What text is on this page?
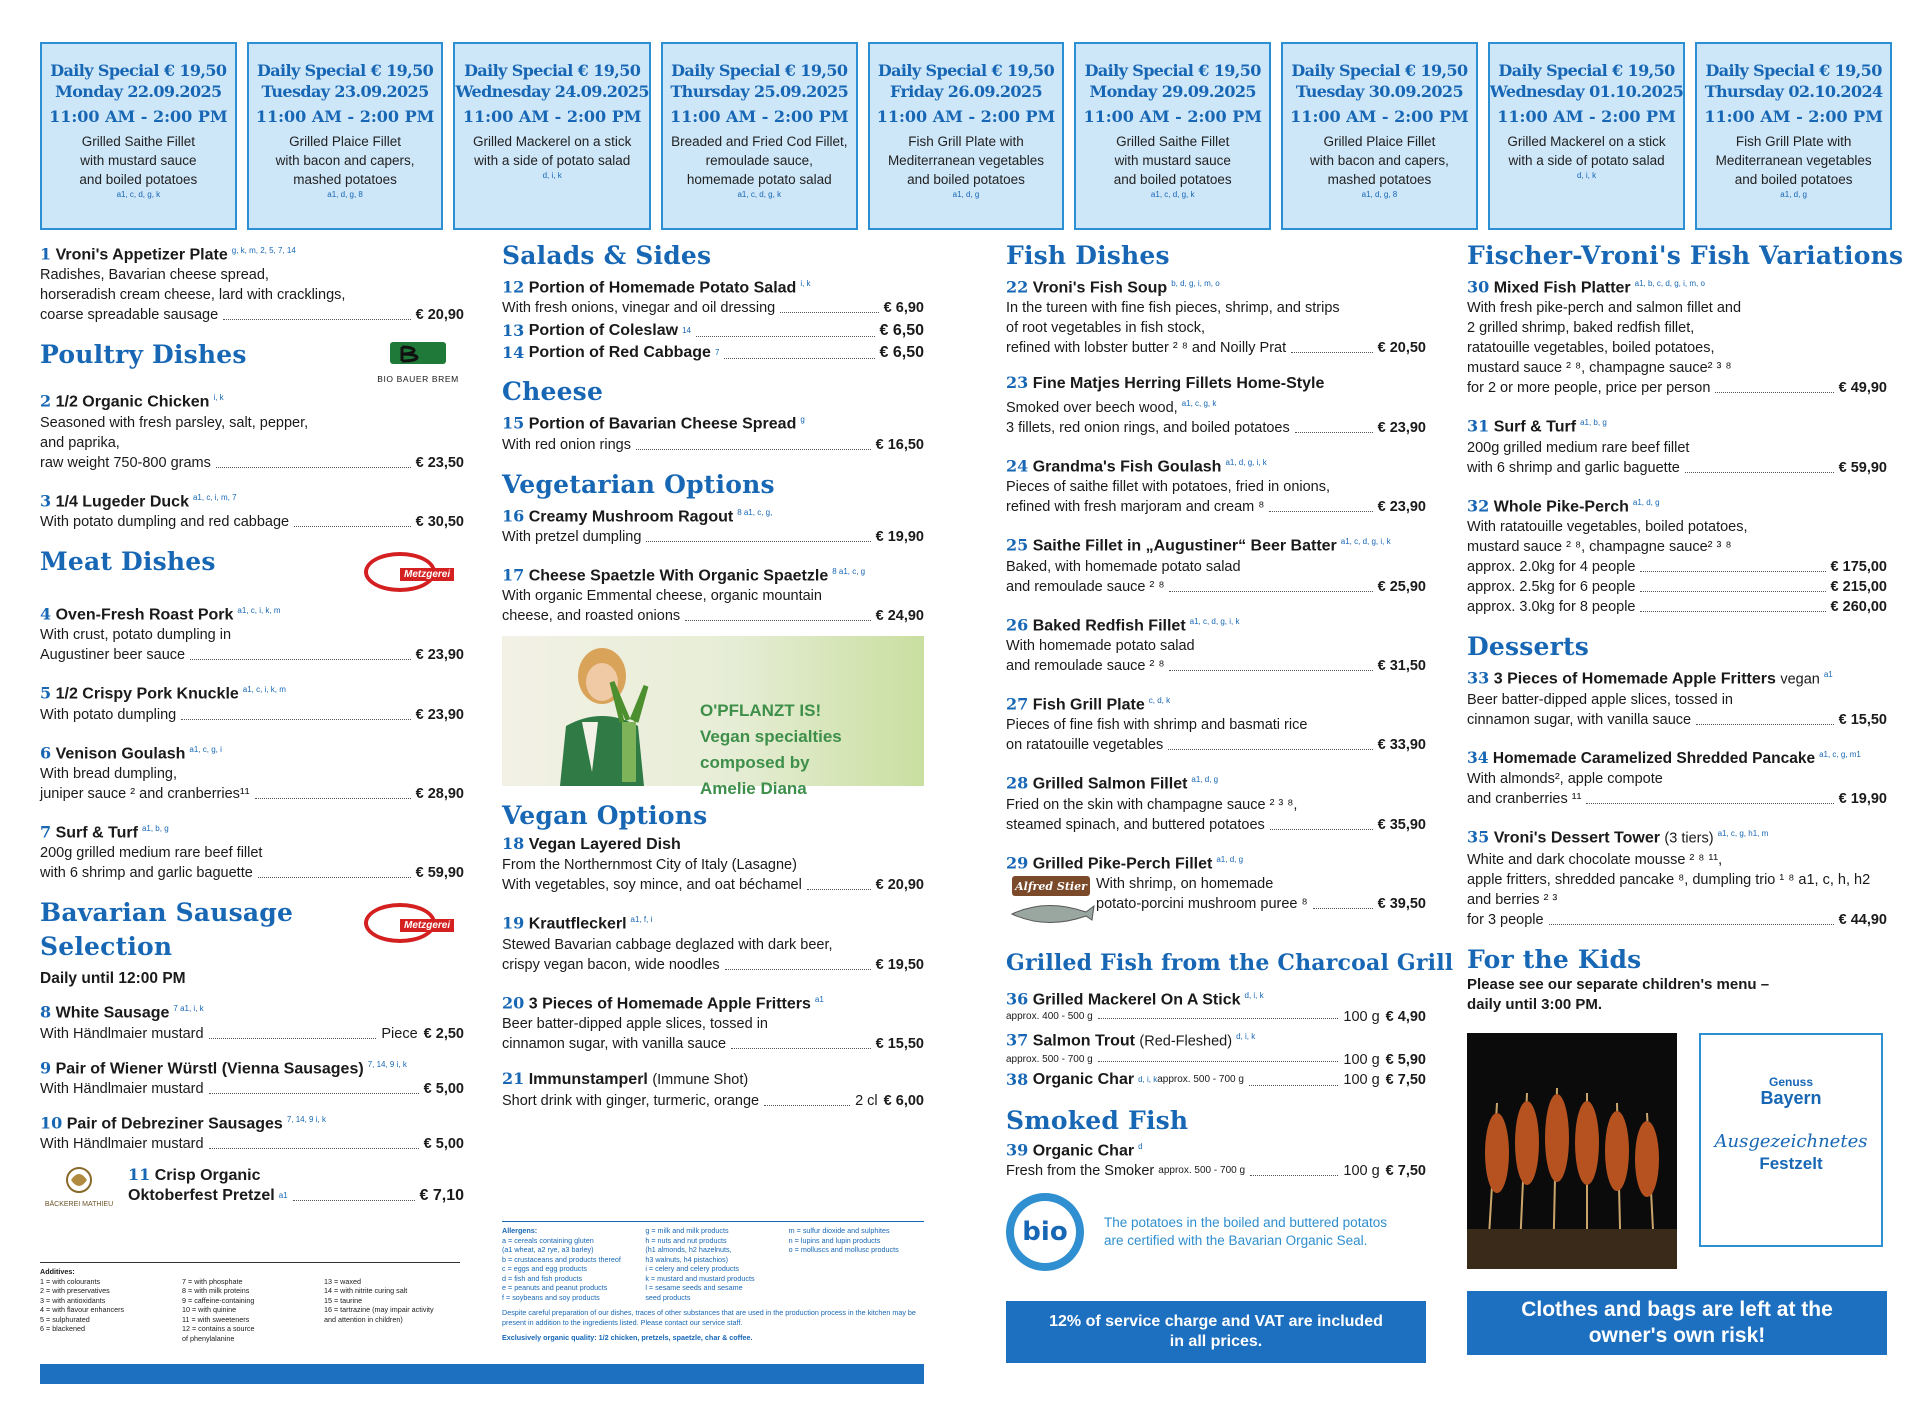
Daily Special € 19,50
Monday 22.09.2025
11:00 AM - 2:00 PM
Grilled Saithe Fillet
with mustard sauce
and boiled potatoes
a1, c, d, g, k
Daily Special € 19,50
Tuesday 23.09.2025
11:00 AM - 2:00 PM
Grilled Plaice Fillet
with bacon and capers,
mashed potatoes
a1, d, g, 8
Daily Special € 19,50
Wednesday 24.09.2025
11:00 AM - 2:00 PM
Grilled Mackerel on a stick
with a side of potato salad
d, i, k
Daily Special € 19,50
Thursday 25.09.2025
11:00 AM - 2:00 PM
Breaded and Fried Cod Fillet,
remoulade sauce,
homemade potato salad
a1, c, d, g, k
Daily Special € 19,50
Friday 26.09.2025
11:00 AM - 2:00 PM
Fish Grill Plate with
Mediterranean vegetables
and boiled potatoes
a1, d, g
Daily Special € 19,50
Monday 29.09.2025
11:00 AM - 2:00 PM
Grilled Saithe Fillet
with mustard sauce
and boiled potatoes
a1, c, d, g, k
Daily Special € 19,50
Tuesday 30.09.2025
11:00 AM - 2:00 PM
Grilled Plaice Fillet
with bacon and capers,
mashed potatoes
a1, d, g, 8
Daily Special € 19,50
Wednesday 01.10.2025
11:00 AM - 2:00 PM
Grilled Mackerel on a stick
with a side of potato salad
d, i, k
Daily Special € 19,50
Thursday 02.10.2024
11:00 AM - 2:00 PM
Fish Grill Plate with
Mediterranean vegetables
and boiled potatoes
a1, d, g
1 Vroni's Appetizer Plate $^{g, k, m, 2, 5, 7, 14}$
Radishes, Bavarian cheese spread,
horseradish cream cheese, lard with cracklings,
coarse spreadable sausage	€ 20,90
Poultry Dishes
BIO BAUER BREM
2 1/2 Organic Chicken $^{i, k}$
Seasoned with fresh parsley, salt, pepper,
and paprika,
raw weight 750-800 grams	€ 23,50
3 1/4 Lugeder Duck $^{a1, c, i, m, 7}$
With potato dumpling and red cabbage	€ 30,50
Meat Dishes	Metzgerei
4 Oven-Fresh Roast Pork $^{a1, c, i, k, m}$
With crust, potato dumpling in
Augustiner beer sauce	€ 23,90
5 1/2 Crispy Pork Knuckle $^{a1, c, i, k, m}$
With potato dumpling	€ 23,90
6 Venison Goulash $^{a1, c, g, i}$
With bread dumpling,
juniper sauce ² and cranberries¹¹	€ 28,90
7 Surf & Turf $^{a1, b, g}$
200g grilled medium rare beef fillet
with 6 shrimp and garlic baguette	€ 59,90
Bavarian Sausage
Selection
Metzgerei
Daily until 12:00 PM
8 White Sausage $^{7 a1, i, k}$
With Händlmaier mustard	Piece € 2,50
9 Pair of Wiener Würstl (Vienna Sausages) $^{7, 14, 9 i, k}$
With Händlmaier mustard	€ 5,00
10 Pair of Debreziner Sausages $^{7, 14, 9 i, k}$
With Händlmaier mustard	€ 5,00
BÄCKEREI MATHIEU
11 Crisp Organic
Oktoberfest Pretzel a1	€ 7,10
Salads & Sides
12 Portion of Homemade Potato Salad $^{i, k}$
With fresh onions, vinegar and oil dressing	€ 6,90
13
Portion of Coleslaw 14	€ 6,50
14
Portion of Red Cabbage 7	€ 6,50
Cheese
15 Portion of Bavarian Cheese Spread $^g$
With red onion rings	€ 16,50
Vegetarian Options
16 Creamy Mushroom Ragout $^{8 a1, c, g,}$
With pretzel dumpling	€ 19,90
17 Cheese Spaetzle With Organic Spaetzle $^{8 a1, c, g}$
With organic Emmental cheese, organic mountain
cheese, and roasted onions	€ 24,90
O'PFLANZT IS!
Vegan specialties
composed by
Amelie Diana
Vegan Options
18 Vegan Layered Dish
From the Northernmost City of Italy (Lasagne)
With vegetables, soy mince, and oat béchamel	€ 20,90
19 Krautfleckerl $^{a1, f, i}$
Stewed Bavarian cabbage deglazed with dark beer,
crispy vegan bacon, wide noodles	€ 19,50
20 3 Pieces of Homemade Apple Fritters $^{a1}$
Beer batter-dipped apple slices, tossed in
cinnamon sugar, with vanilla sauce	€ 15,50
21 Immunstamperl (Immune Shot)
Short drink with ginger, turmeric, orange	2 cl € 6,00
Allergens:
a = cereals containing gluten
(a1 wheat, a2 rye, a3 barley)
b = crustaceans and products thereof
c = eggs and egg products
d = fish and fish products
e = peanuts and peanut products
f = soybeans and soy products
g = milk and milk products
h = nuts and nut products
(h1 almonds, h2 hazelnuts,
h3 walnuts, h4 pistachios)
i = celery and celery products
k = mustard and mustard products
l = sesame seeds and sesame
seed products
m = sulfur dioxide and sulphites
n = lupins and lupin products
o = molluscs and mollusc products
Despite careful preparation of our dishes, traces of other substances that are used in the production process in the kitchen may be present in addition to the ingredients listed. Please contact our service staff.
Exclusively organic quality: 1/2 chicken, pretzels, spaetzle, char & coffee.
Additives:
1 = with colourants
2 = with preservatives
3 = with antioxidants
4 = with flavour enhancers
5 = sulphurated
6 = blackened

7 = with phosphate
8 = with milk proteins
9 = caffeine-containing
10 = with quinine
11 = with sweeteners
12 = contains a source
of phenylalanine

13 = waxed
14 = with nitrite curing salt
15 = taurine
16 = tartrazine (may impair activity
and attention in children)
Fish Dishes
22 Vroni's Fish Soup $^{b, d, g, i, m, o}$
In the tureen with fine fish pieces, shrimp, and strips
of root vegetables in fish stock,
refined with lobster butter ² ⁸ and Noilly Prat	€ 20,50
23 Fine Matjes Herring Fillets Home-Style
Smoked over beech wood, $^{a1, c, g, k}$
3 fillets, red onion rings, and boiled potatoes	€ 23,90
24 Grandma's Fish Goulash $^{a1, d, g, i, k}$
Pieces of saithe fillet with potatoes, fried in onions,
refined with fresh marjoram and cream ⁸	€ 23,90
25 Saithe Fillet in „Augustiner“ Beer Batter $^{a1, c, d, g, i, k}$
Baked, with homemade potato salad
and remoulade sauce ² ⁸	€ 25,90
26 Baked Redfish Fillet $^{a1, c, d, g, i, k}$
With homemade potato salad
and remoulade sauce ² ⁸	€ 31,50
27 Fish Grill Plate $^{c, d, k}$
Pieces of fine fish with shrimp and basmati rice
on ratatouille vegetables	€ 33,90
28 Grilled Salmon Fillet $^{a1, d, g}$
Fried on the skin with champagne sauce ² ³ ⁸,
steamed spinach, and buttered potatoes	€ 35,90
29 Grilled Pike-Perch Fillet $^{a1, d, g}$
Alfred Stier With shrimp, on homemade
potato-porcini mushroom puree ⁸	€ 39,50
Grilled Fish from the Charcoal Grill
36 Grilled Mackerel On A Stick $^{d, i, k}$
approx. 400 - 500 g	100 g € 4,90
37 Salmon Trout (Red-Fleshed) $^{d, i, k}$
approx. 500 - 700 g	100 g € 5,90
38
Organic Char d, i, k approx. 500 - 700 g	100 g € 7,50
Smoked Fish
39 Organic Char $^d$
Fresh from the Smoker
approx. 500 - 700 g	100 g € 7,50
bio	The potatoes in the boiled and buttered potatos
are certified with the Bavarian Organic Seal.
12% of service charge and VAT are included
in all prices.
Fischer-Vroni's Fish Variations
30 Mixed Fish Platter $^{a1, b, c, d, g, i, m, o}$
With fresh pike-perch and salmon fillet and
2 grilled shrimp, baked redfish fillet,
ratatouille vegetables, boiled potatoes,
mustard sauce ² ⁸, champagne sauce² ³ ⁸
for 2 or more people, price per person	€ 49,90
31 Surf & Turf $^{a1, b, g}$
200g grilled medium rare beef fillet
with 6 shrimp and garlic baguette	€ 59,90
32 Whole Pike-Perch $^{a1, d, g}$
With ratatouille vegetables, boiled potatoes,
mustard sauce ² ⁸, champagne sauce² ³ ⁸
approx. 2.0kg for 4 people	€ 175,00
approx. 2.5kg for 6 people	€ 215,00
approx. 3.0kg for 8 people	€ 260,00
Desserts
33 3 Pieces of Homemade Apple Fritters vegan $^{a1}$
Beer batter-dipped apple slices, tossed in
cinnamon sugar, with vanilla sauce	€ 15,50
34 Homemade Caramelized Shredded Pancake $^{a1, c, g, m1}$
With almonds², apple compote
and cranberries ¹¹	€ 19,90
35 Vroni's Dessert Tower (3 tiers) $^{a1, c, g, h1, m}$
White and dark chocolate mousse ² ⁸ ¹¹,
apple fritters, shredded pancake ⁸, dumpling trio ¹ ⁸ a1, c, h, h2
and berries ² ³
for 3 people	€ 44,90
For the Kids
Please see our separate children's menu –
daily until 3:00 PM.
Genuss
Bayern
Ausgezeichnetes
Festzelt
Clothes and bags are left at the
owner's own risk!
